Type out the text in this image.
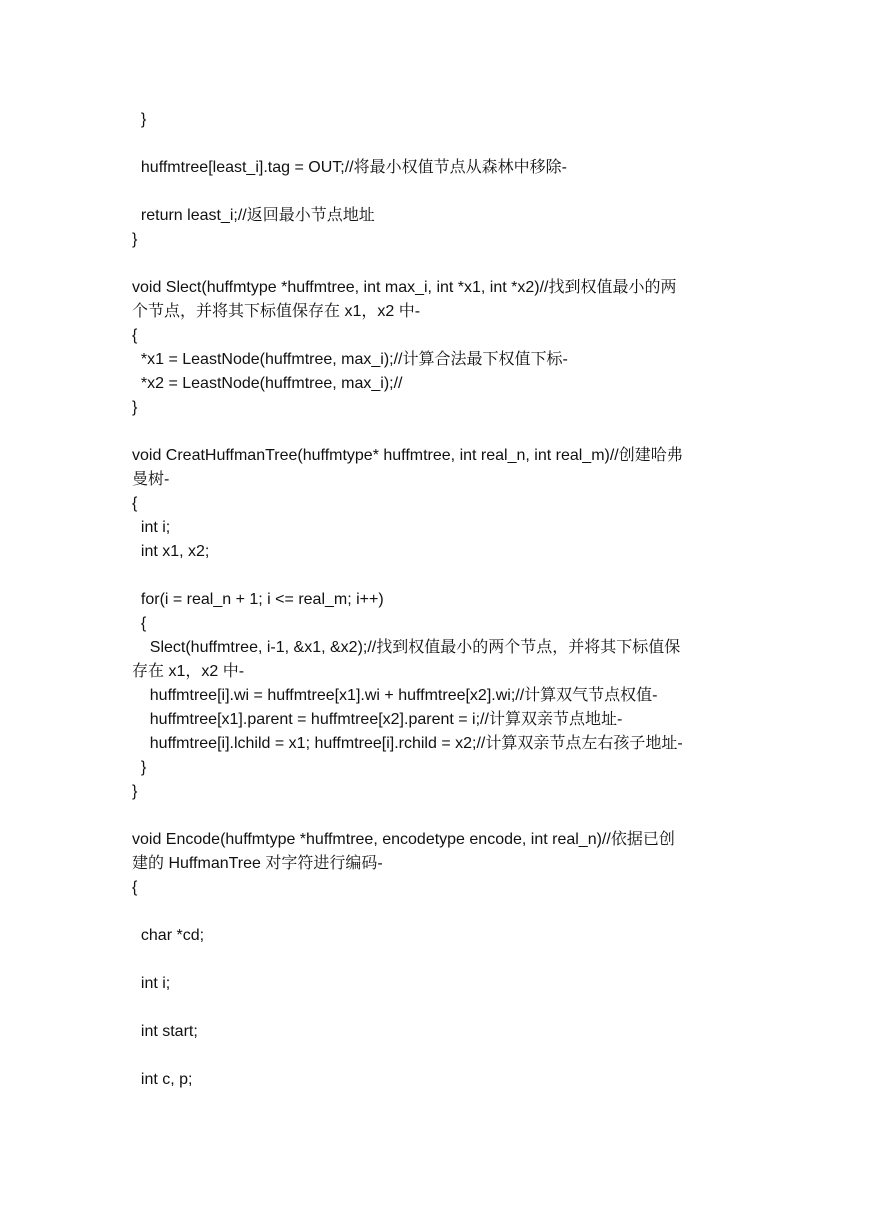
}
huffmtree[least_i].tag = OUT;//将最小权值节点从森林中移除-
return least_i;//返回最小节点地址
}
void Slect(huffmtype *huffmtree, int max_i, int *x1, int *x2)//找到权值最小的两
个节点，并将其下标值保存在 x1，x2 中-
{
*x1 = LeastNode(huffmtree, max_i);//计算合法最下权值下标-
*x2 = LeastNode(huffmtree, max_i);//
}
void CreatHuffmanTree(huffmtype* huffmtree, int real_n, int real_m)//创建哈弗
曼树-
{
int i;
int x1, x2;
for(i = real_n + 1; i <= real_m; i++)
{
Slect(huffmtree, i-1, &x1, &x2);//找到权值最小的两个节点，并将其下标值保
存在 x1，x2 中-
huffmtree[i].wi = huffmtree[x1].wi + huffmtree[x2].wi;//计算双气节点权值-
huffmtree[x1].parent = huffmtree[x2].parent = i;//计算双亲节点地址-
huffmtree[i].lchild = x1; huffmtree[i].rchild = x2;//计算双亲节点左右孩子地址-
}
}
void Encode(huffmtype *huffmtree, encodetype encode, int real_n)//依据已创
建的 HuffmanTree 对字符进行编码-
{
char *cd;
int i;
int start;
int c, p;
